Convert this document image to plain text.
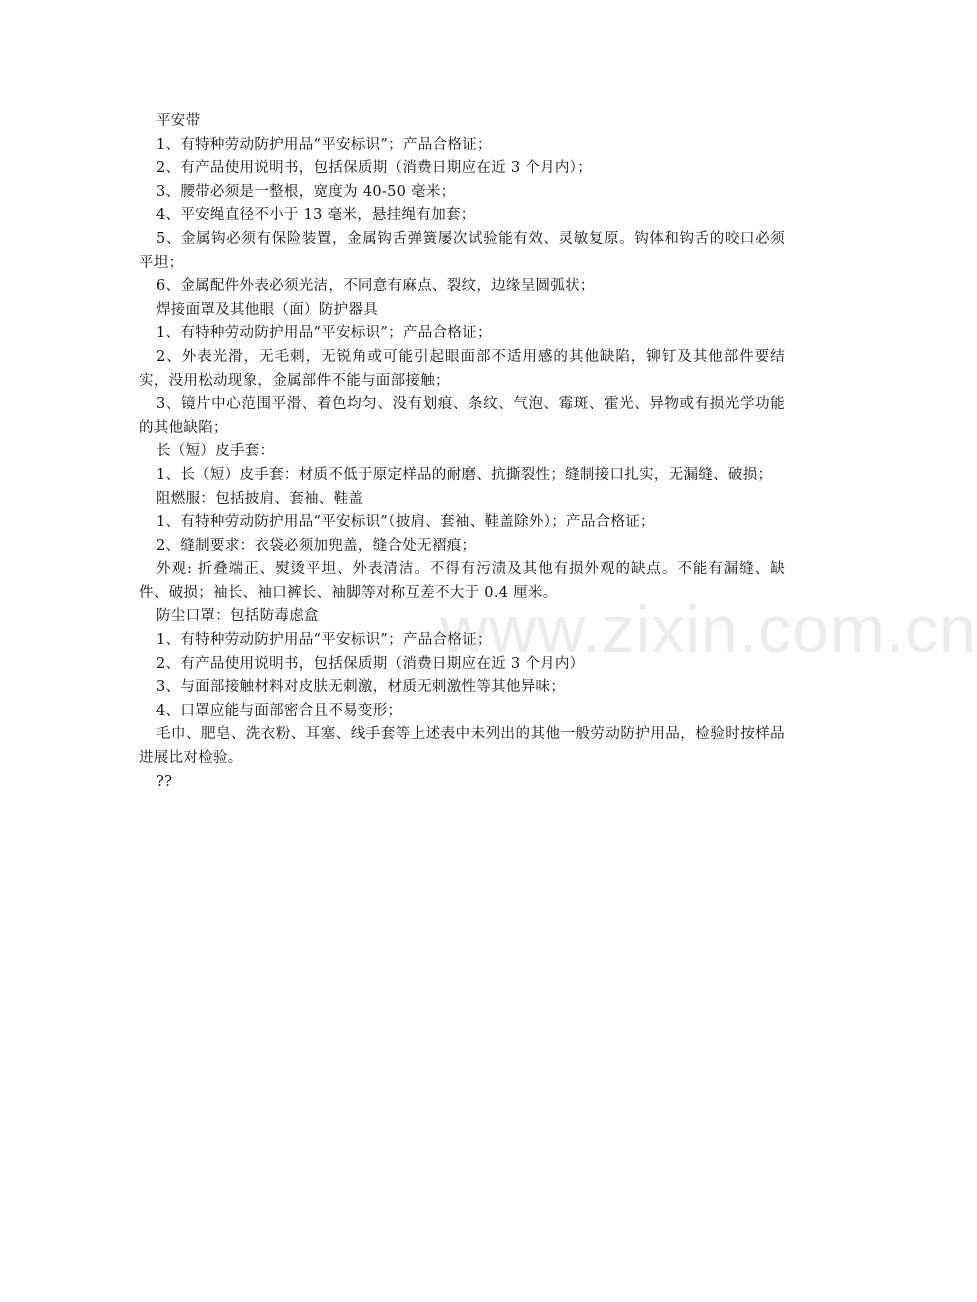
平安带

1、有特种劳动防护用品“平安标识”；产品合格证；

2、有产品使用说明书，包括保质期（消费日期应在近 3 个月内）；

3、腰带必须是一整根，宽度为 40-50 毫米；

4、平安绳直径不小于 13 毫米，悬挂绳有加套；

5、金属钩必须有保险装置，金属钩舌弹簧屡次试验能有效、灵敏复原。钩体和钩舌的咬口必须平坦；

6、金属配件外表必须光洁，不同意有麻点、裂纹，边缘呈圆弧状；

焊接面罩及其他眼（面）防护器具

1、有特种劳动防护用品“平安标识”；产品合格证；

2、外表光滑，无毛刺，无锐角或可能引起眼面部不适用感的其他缺陷，铆钉及其他部件要结实，没用松动现象，金属部件不能与面部接触；

3、镜片中心范围平滑、着色均匀、没有划痕、条纹、气泡、霉斑、霍光、异物或有损光学功能的其他缺陷；

长（短）皮手套：

1、长（短）皮手套：材质不低于原定样品的耐磨、抗撕裂性；缝制接口扎实，无漏缝、破损；

阻燃服：包括披肩、套袖、鞋盖

1、有特种劳动防护用品“平安标识”（披肩、套袖、鞋盖除外）；产品合格证；

2、缝制要求：衣袋必须加兜盖，缝合处无褶痕；

外观: 折叠端正、熨烫平坦、外表清洁。不得有污渍及其他有损外观的缺点。不能有漏缝、缺件、破损；袖长、袖口裤长、袖脚等对称互差不大于 0.4 厘米。

防尘口罩：包括防毒虑盒

1、有特种劳动防护用品“平安标识”；产品合格证；

2、有产品使用说明书，包括保质期（消费日期应在近 3 个月内）

3、与面部接触材料对皮肤无刺激，材质无刺激性等其他异味；

4、口罩应能与面部密合且不易变形；

毛巾、肥皂、洗衣粉、耳塞、线手套等上述表中未列出的其他一般劳动防护用品，检验时按样品进展比对检验。

??

www.zixin.com.cn
